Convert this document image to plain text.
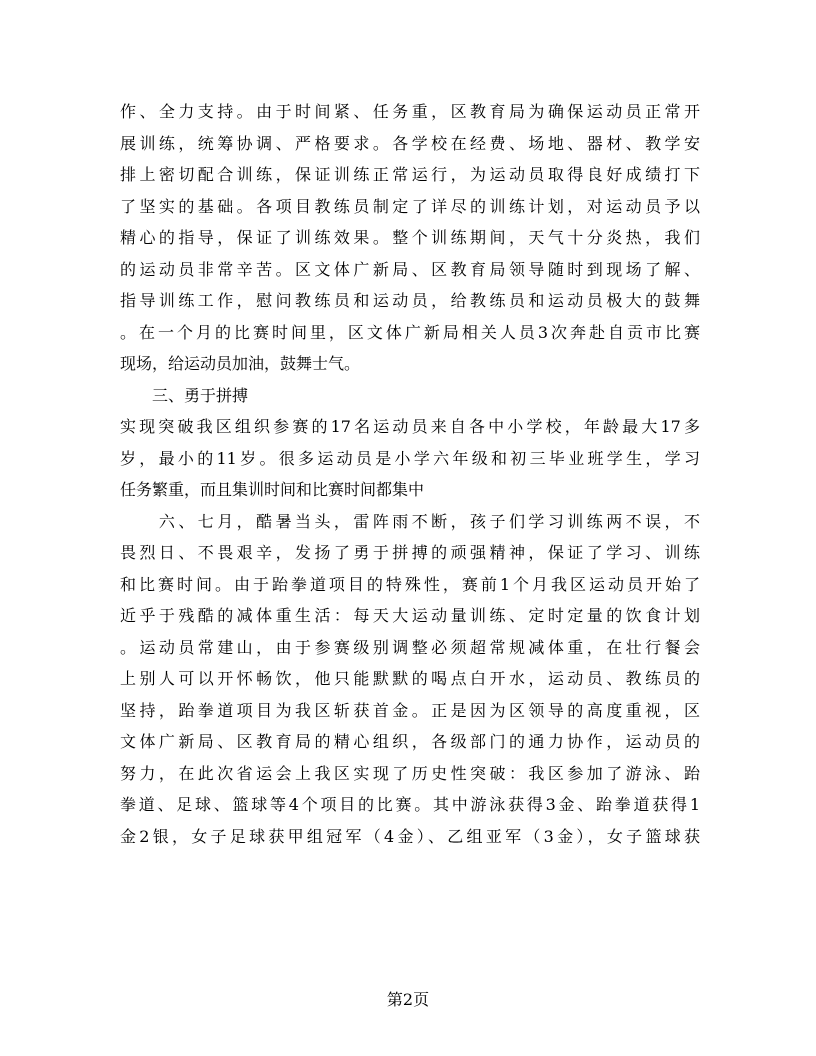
作、全力支持。由于时间紧、任务重，区教育局为确保运动员正常开
展训练，统筹协调、严格要求。各学校在经费、场地、器材、教学安
排上密切配合训练，保证训练正常运行，为运动员取得良好成绩打下
了坚实的基础。各项目教练员制定了详尽的训练计划，对运动员予以
精心的指导，保证了训练效果。整个训练期间，天气十分炎热，我们
的运动员非常辛苦。区文体广新局、区教育局领导随时到现场了解、
指导训练工作，慰问教练员和运动员，给教练员和运动员极大的鼓舞
。在一个月的比赛时间里，区文体广新局相关人员3次奔赴自贡市比赛
现场，给运动员加油，鼓舞士气。
　　三、勇于拼搏
实现突破我区组织参赛的17名运动员来自各中小学校，年龄最大17多
岁，最小的11岁。很多运动员是小学六年级和初三毕业班学生，学习
任务繁重，而且集训时间和比赛时间都集中
　　六、七月，酷暑当头，雷阵雨不断，孩子们学习训练两不误，不
畏烈日、不畏艰辛，发扬了勇于拼搏的顽强精神，保证了学习、训练
和比赛时间。由于跆拳道项目的特殊性，赛前1个月我区运动员开始了
近乎于残酷的减体重生活：每天大运动量训练、定时定量的饮食计划
。运动员常建山，由于参赛级别调整必须超常规减体重，在壮行餐会
上别人可以开怀畅饮，他只能默默的喝点白开水，运动员、教练员的
坚持，跆拳道项目为我区斩获首金。正是因为区领导的高度重视，区
文体广新局、区教育局的精心组织，各级部门的通力协作，运动员的
努力，在此次省运会上我区实现了历史性突破：我区参加了游泳、跆
拳道、足球、篮球等4个项目的比赛。其中游泳获得3金、跆拳道获得1
金2银，女子足球获甲组冠军（4金）、乙组亚军（3金），女子篮球获
第2页
